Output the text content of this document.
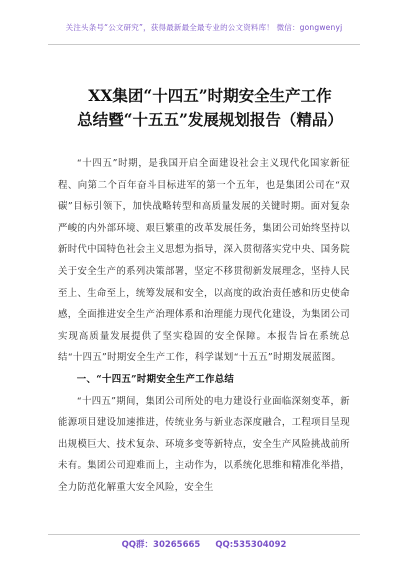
关注头条号“公文研究”，获得最新最全最专业的公文资料库！ 微信：gongwenyj
XX集团“十四五”时期安全生产工作
总结暨“十五五”发展规划报告（精品）

“十四五”时期，是我国开启全面建设社会主义现代化国家新征程、向第二个百年奋斗目标进军的第一个五年，也是集团公司在“双碳”目标引领下，加快战略转型和高质量发展的关键时期。面对复杂严峻的内外部环境、艰巨繁重的改革发展任务，集团公司始终坚持以新时代中国特色社会主义思想为指导，深入贯彻落实党中央、国务院关于安全生产的系列决策部署，坚定不移贯彻新发展理念，坚持人民至上、生命至上，统筹发展和安全，以高度的政治责任感和历史使命感，全面推进安全生产治理体系和治理能力现代化建设，为集团公司实现高质量发展提供了坚实稳固的安全保障。本报告旨在系统总结“十四五”时期安全生产工作，科学谋划“十五五”时期发展蓝图。

一、“十四五”时期安全生产工作总结

“十四五”期间，集团公司所处的电力建设行业面临深刻变革，新能源项目建设加速推进，传统业务与新业态深度融合，工程项目呈现出规模巨大、技术复杂、环境多变等新特点，安全生产风险挑战前所未有。集团公司迎难而上，主动作为，以系统化思维和精准化举措，全力防范化解重大安全风险，安全生

QQ群：30265665 QQ:535304092
